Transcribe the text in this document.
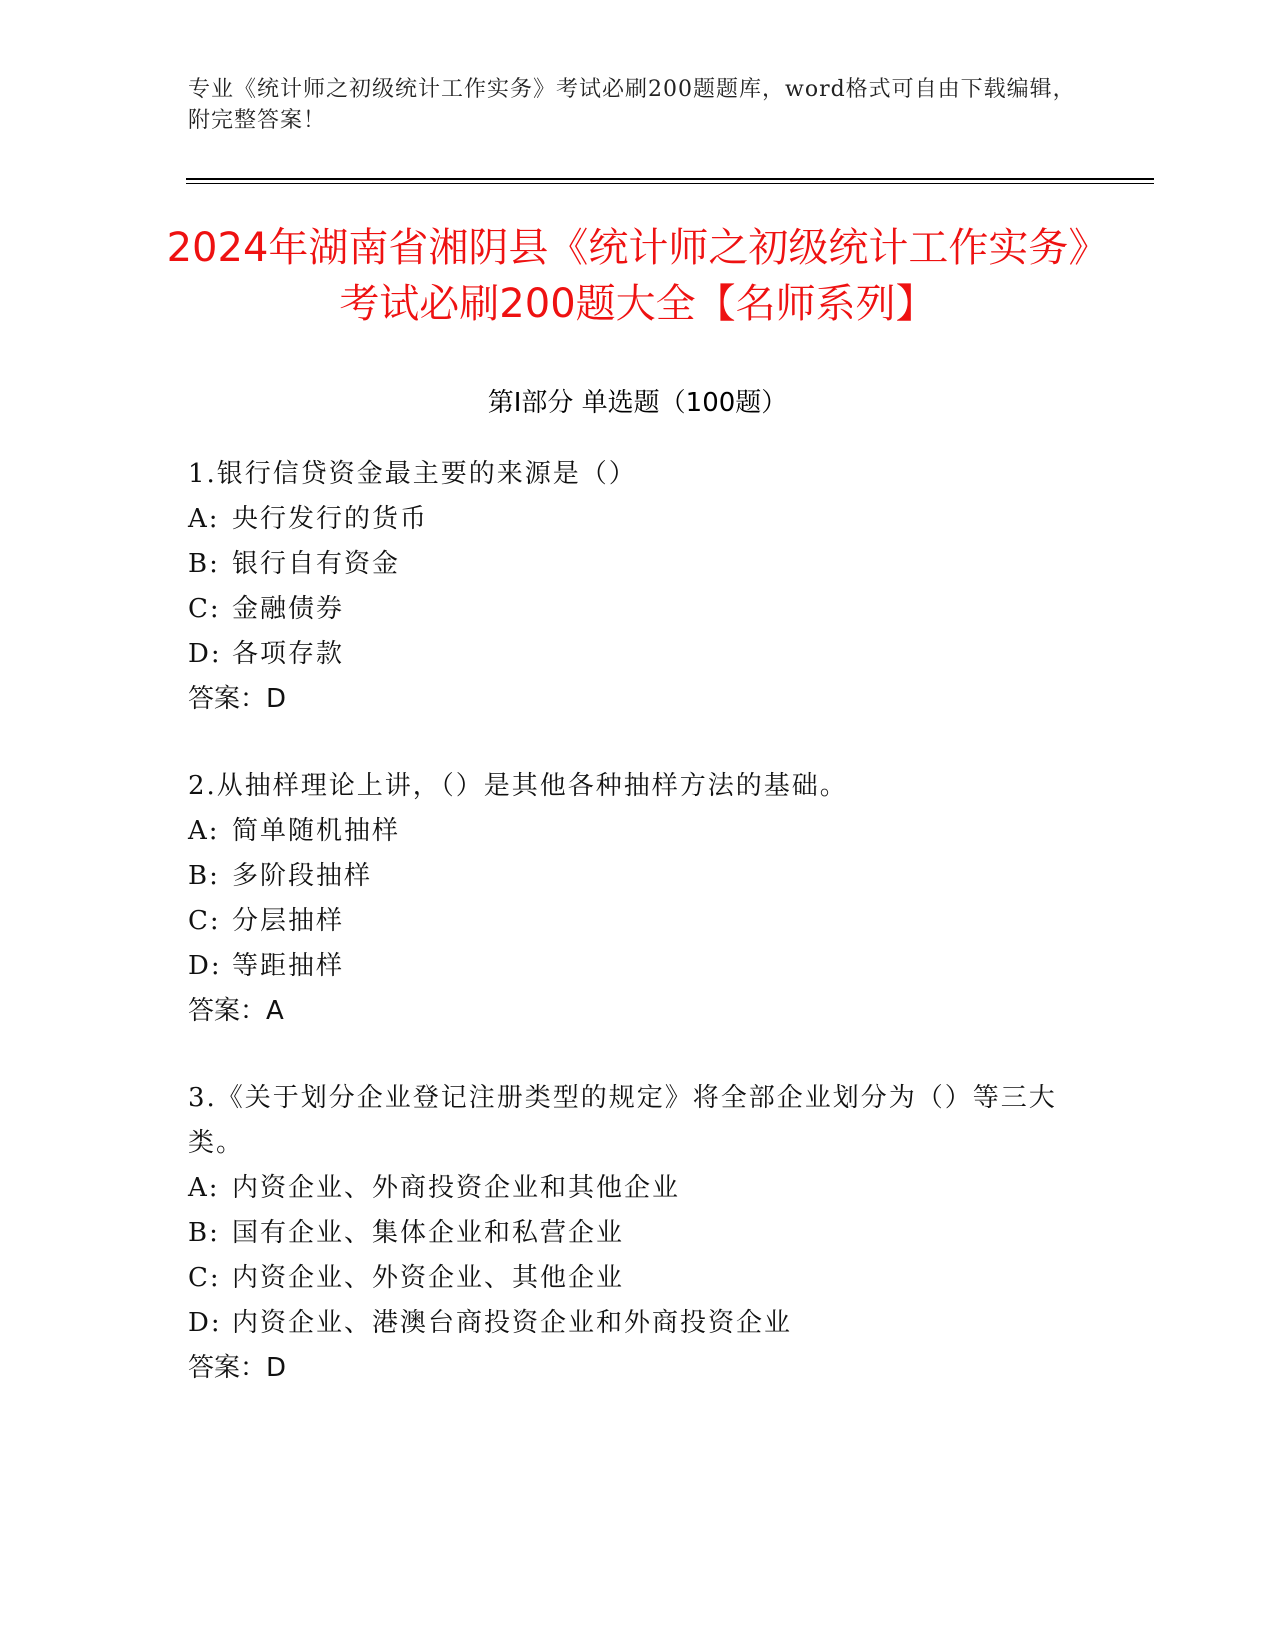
专业《统计师之初级统计工作实务》考试必刷200题题库，word格式可自由下载编辑，附完整答案！
2024年湖南省湘阴县《统计师之初级统计工作实务》考试必刷200题大全【名师系列】
第Ⅰ部分 单选题（100题）

1.银行信贷资金最主要的来源是（）

A: 央行发行的货币

B: 银行自有资金

C: 金融债券

D: 各项存款

答案：D

2.从抽样理论上讲，（）是其他各种抽样方法的基础。

A: 简单随机抽样

B: 多阶段抽样

C: 分层抽样

D: 等距抽样

答案：A

3.《关于划分企业登记注册类型的规定》将全部企业划分为（）等三大类。

A: 内资企业、外商投资企业和其他企业

B: 国有企业、集体企业和私营企业

C: 内资企业、外资企业、其他企业

D: 内资企业、港澳台商投资企业和外商投资企业

答案：D
